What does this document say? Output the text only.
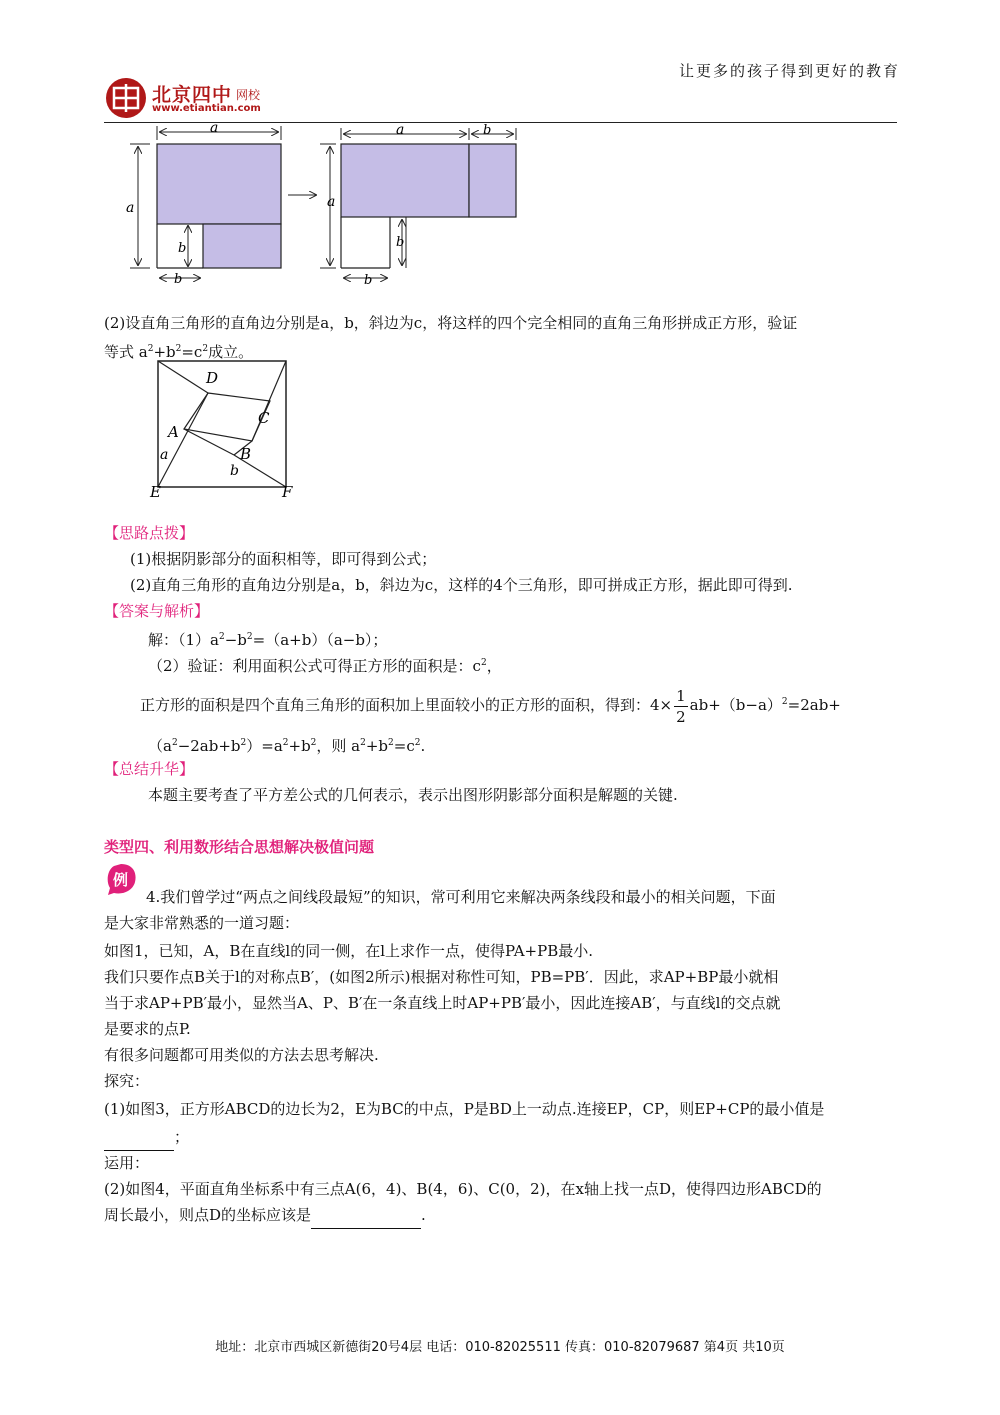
让更多的孩子得到更好的教育
北京四中 网校
www.etiantian.com
a
a
b
b
a	b
a
b
b
(2)设直角三角形的直角边分别是a，b，斜边为c，将这样的四个完全相同的直角三角形拼成正方形，验证
等式 $a^2+b^2=c^2$成立。
D
C
A
B
E	F
a
b
【思路点拨】
(1)根据阴影部分的面积相等，即可得到公式；
(2)直角三角形的直角边分别是a，b，斜边为c，这样的4个三角形，即可拼成正方形，据此即可得到.
【答案与解析】
解：$(1)a^2-b^2=(a+b)(a-b)$；
（2）验证：利用面积公式可得正方形的面积是：$c^2$，
正方形的面积是四个直角三角形的面积加上里面较小的正方形的面积，得到：$4\times \frac{1}{2} ab+(b-a)^2=2ab+$
$(a^2-2ab+b^2)=a^2+b^2$，则 $a^2+b^2=c^2$.
【总结升华】
本题主要考查了平方差公式的几何表示，表示出图形阴影部分面积是解题的关键.
类型四、利用数形结合思想解决极值问题
例
4.我们曾学过“两点之间线段最短”的知识，常可利用它来解决两条线段和最小的相关问题，下面
是大家非常熟悉的一道习题：
如图1，已知，A，B在直线l的同一侧，在l上求作一点，使得PA+PB最小.
我们只要作点B关于l的对称点B′，(如图2所示)根据对称性可知，PB=PB′．因此，求AP+BP最小就相
当于求AP+PB′最小，显然当A、P、B′在一条直线上时AP+PB′最小，因此连接AB′，与直线l的交点就
是要求的点P.
有很多问题都可用类似的方法去思考解决.
探究：
(1)如图3，正方形ABCD的边长为2，E为BC的中点，P是BD上一动点.连接EP，CP，则EP+CP的最小值是
；
运用：
(2)如图4，平面直角坐标系中有三点A(6，4)、B(4，6)、C(0，2)，在x轴上找一点D，使得四边形ABCD的
周长最小，则点D的坐标应该是	.
地址：北京市西城区新德街20号4层 电话：010-82025511 传真：010-82079687 第4页 共10页
